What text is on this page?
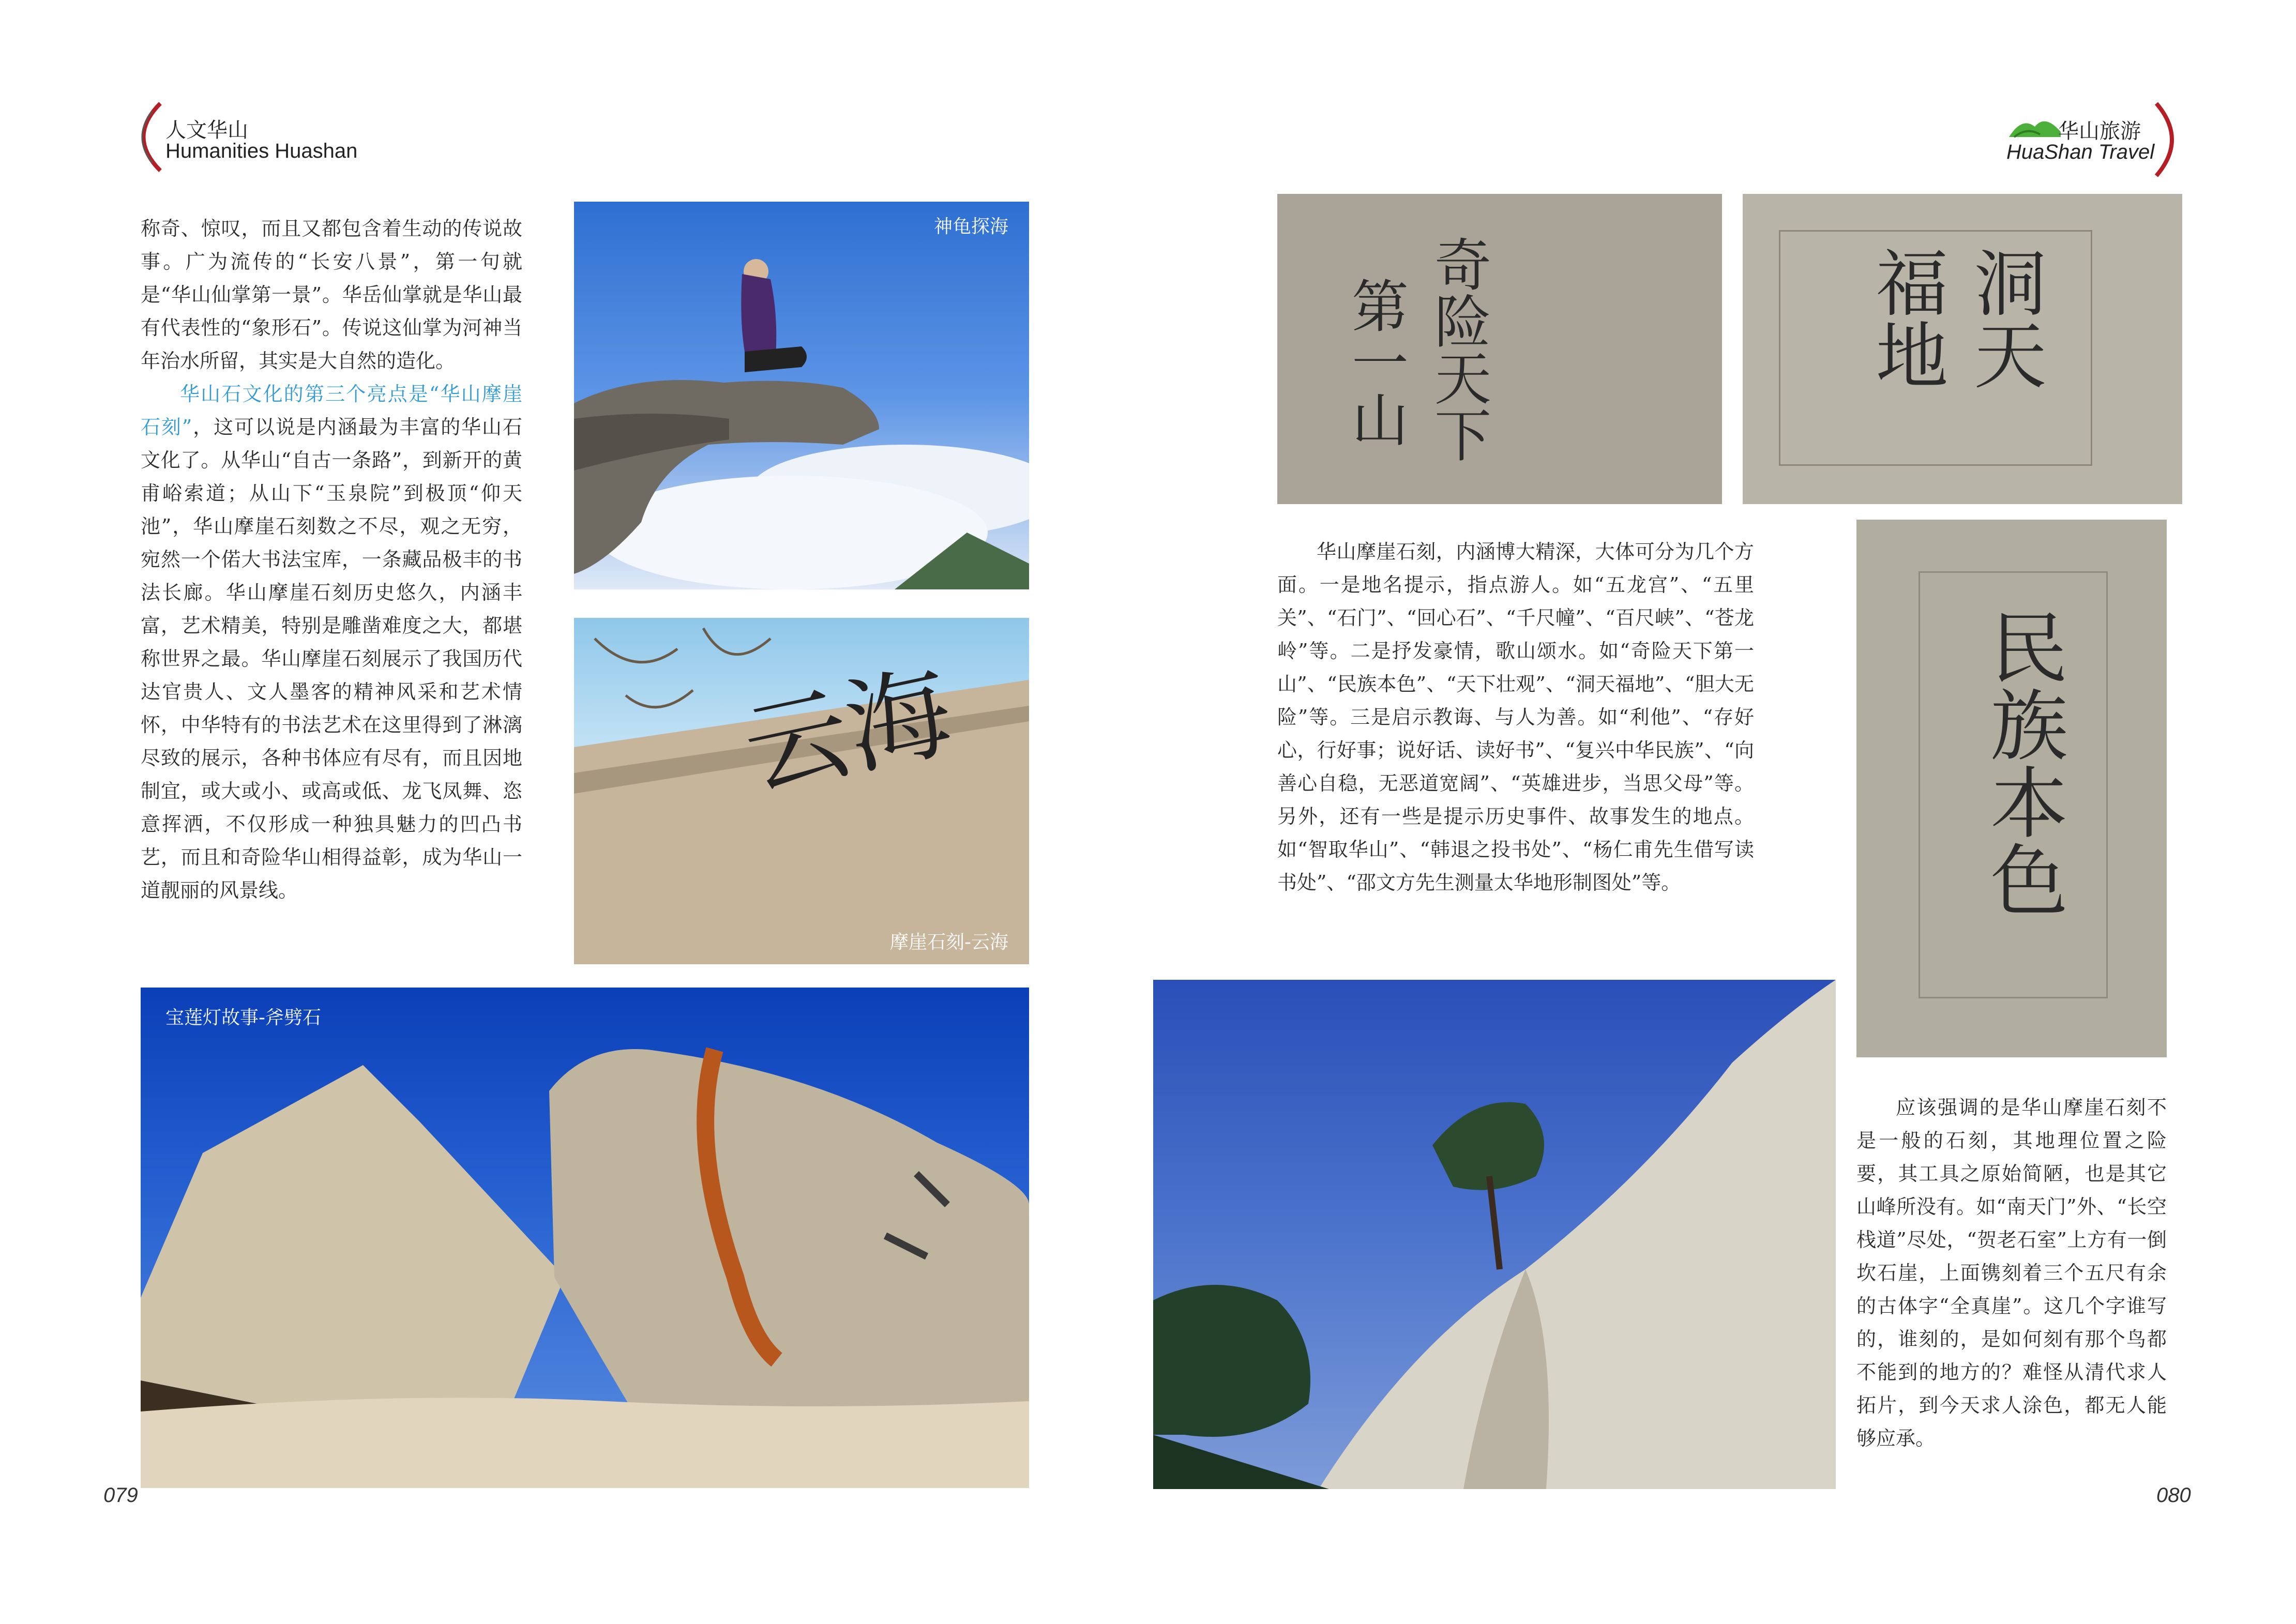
人文华山
Humanities Huashan
华山旅游
HuaShan Travel

称奇、惊叹，而且又都包含着生动的传说故事。广为流传的“长安八景”，第一句就是“华山仙掌第一景”。华岳仙掌就是华山最有代表性的“象形石”。传说这仙掌为河神当年治水所留，其实是大自然的造化。

华山石文化的第三个亮点是“华山摩崖石刻”，这可以说是内涵最为丰富的华山石文化了。从华山“自古一条路”，到新开的黄甫峪索道；从山下“玉泉院”到极顶“仰天池”，华山摩崖石刻数之不尽，观之无穷，宛然一个偌大书法宝库，一条藏品极丰的书法长廊。华山摩崖石刻历史悠久，内涵丰富，艺术精美，特别是雕凿难度之大，都堪称世界之最。华山摩崖石刻展示了我国历代达官贵人、文人墨客的精神风采和艺术情怀，中华特有的书法艺术在这里得到了淋漓尽致的展示，各种书体应有尽有，而且因地制宜，或大或小、或高或低、龙飞凤舞、恣意挥洒，不仅形成一种独具魅力的凹凸书艺，而且和奇险华山相得益彰，成为华山一道靓丽的风景线。

神龟探海
云海
摩崖石刻-云海
宝莲灯故事-斧劈石
奇险天下
第一山	洞天
福地

华山摩崖石刻，内涵博大精深，大体可分为几个方面。一是地名提示，指点游人。如“五龙宫”、“五里关”、“石门”、“回心石”、“千尺幢”、“百尺峡”、“苍龙岭”等。二是抒发豪情，歌山颂水。如“奇险天下第一山”、“民族本色”、“天下壮观”、“洞天福地”、“胆大无险”等。三是启示教诲、与人为善。如“利他”、“存好心，行好事；说好话、读好书”、“复兴中华民族”、“向善心自稳，无恶道宽阔”、“英雄进步，当思父母”等。另外，还有一些是提示历史事件、故事发生的地点。如“智取华山”、“韩退之投书处”、“杨仁甫先生借写读书处”、“邵文方先生测量太华地形制图处”等。	民族本色

应该强调的是华山摩崖石刻不是一般的石刻，其地理位置之险要，其工具之原始简陋，也是其它山峰所没有。如“南天门”外、“长空栈道”尽处，“贺老石室”上方有一倒坎石崖，上面镌刻着三个五尺有余的古体字“全真崖”。这几个字谁写的，谁刻的，是如何刻有那个鸟都不能到的地方的？难怪从清代求人拓片，到今天求人涂色，都无人能够应承。

079	080
